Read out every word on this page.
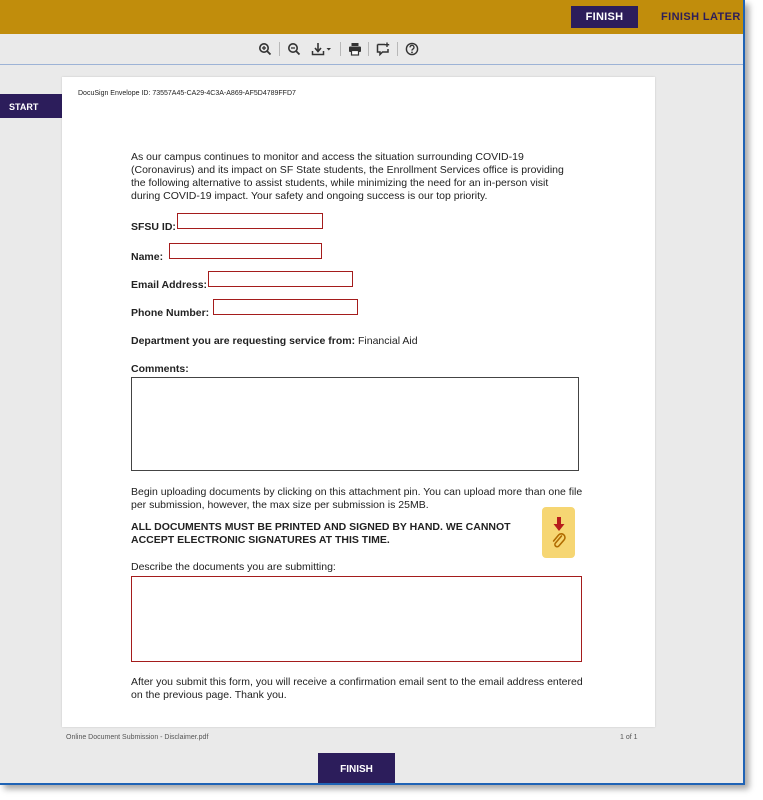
FINISH	FINISH LATER
START
DocuSign Envelope ID: 73557A45-CA29-4C3A-A869-AF5D4789FFD7
As our campus continues to monitor and access the situation surrounding COVID-19 (Coronavirus) and its impact on SF State students, the Enrollment Services office is providing the following alternative to assist students, while minimizing the need for an in-person visit during COVID-19 impact. Your safety and ongoing success is our top priority.
SFSU ID:
Name:
Email Address:
Phone Number:
Department you are requesting service from: Financial Aid
Comments:
Begin uploading documents by clicking on this attachment pin. You can upload more than one file per submission, however, the max size per submission is 25MB.
ALL DOCUMENTS MUST BE PRINTED AND SIGNED BY HAND. WE CANNOT ACCEPT ELECTRONIC SIGNATURES AT THIS TIME.
Describe the documents you are submitting:
After you submit this form, you will receive a confirmation email sent to the email address entered on the previous page. Thank you.
Online Document Submission - Disclaimer.pdf	1 of 1
FINISH
